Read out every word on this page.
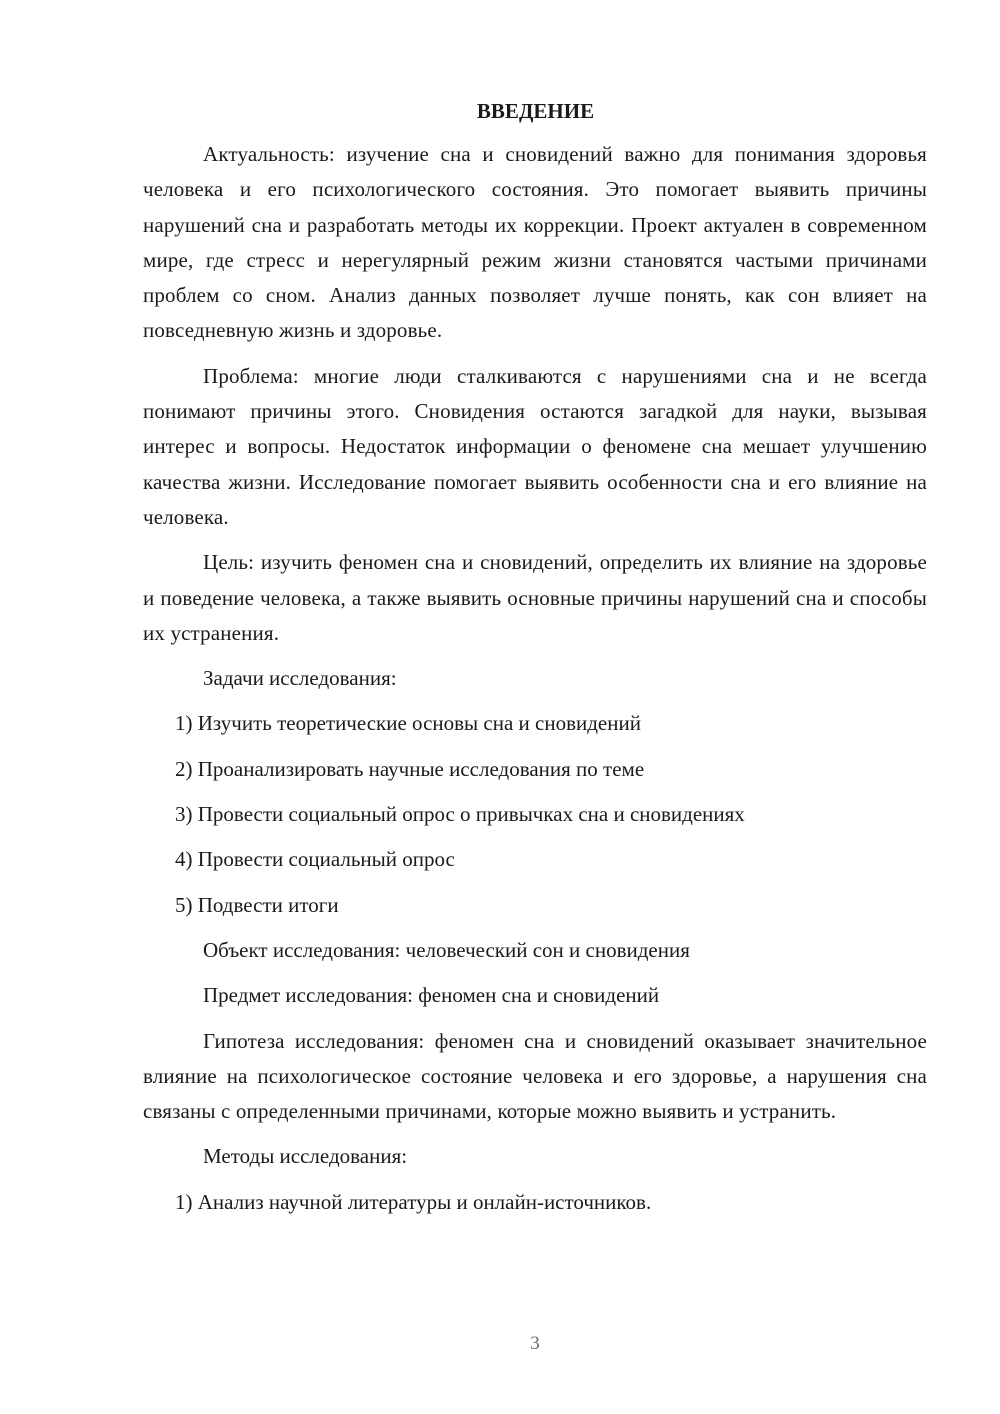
ВВЕДЕНИЕ

Актуальность: изучение сна и сновидений важно для понимания здоровья человека и его психологического состояния. Это помогает выявить причины нарушений сна и разработать методы их коррекции. Проект актуален в современном мире, где стресс и нерегулярный режим жизни становятся частыми причинами проблем со сном. Анализ данных позволяет лучше понять, как сон влияет на повседневную жизнь и здоровье.

Проблема: многие люди сталкиваются с нарушениями сна и не всегда понимают причины этого. Сновидения остаются загадкой для науки, вызывая интерес и вопросы. Недостаток информации о феномене сна мешает улучшению качества жизни. Исследование помогает выявить особенности сна и его влияние на человека.

Цель: изучить феномен сна и сновидений, определить их влияние на здоровье и поведение человека, а также выявить основные причины нарушений сна и способы их устранения.

Задачи исследования:
1) Изучить теоретические основы сна и сновидений
2) Проанализировать научные исследования по теме
3) Провести социальный опрос о привычках сна и сновидениях
4) Провести социальный опрос
5) Подвести итоги
Объект исследования: человеческий сон и сновидения
Предмет исследования: феномен сна и сновидений

Гипотеза исследования: феномен сна и сновидений оказывает значительное влияние на психологическое состояние человека и его здоровье, а нарушения сна связаны с определенными причинами, которые можно выявить и устранить.

Методы исследования:
1) Анализ научной литературы и онлайн-источников.
3
